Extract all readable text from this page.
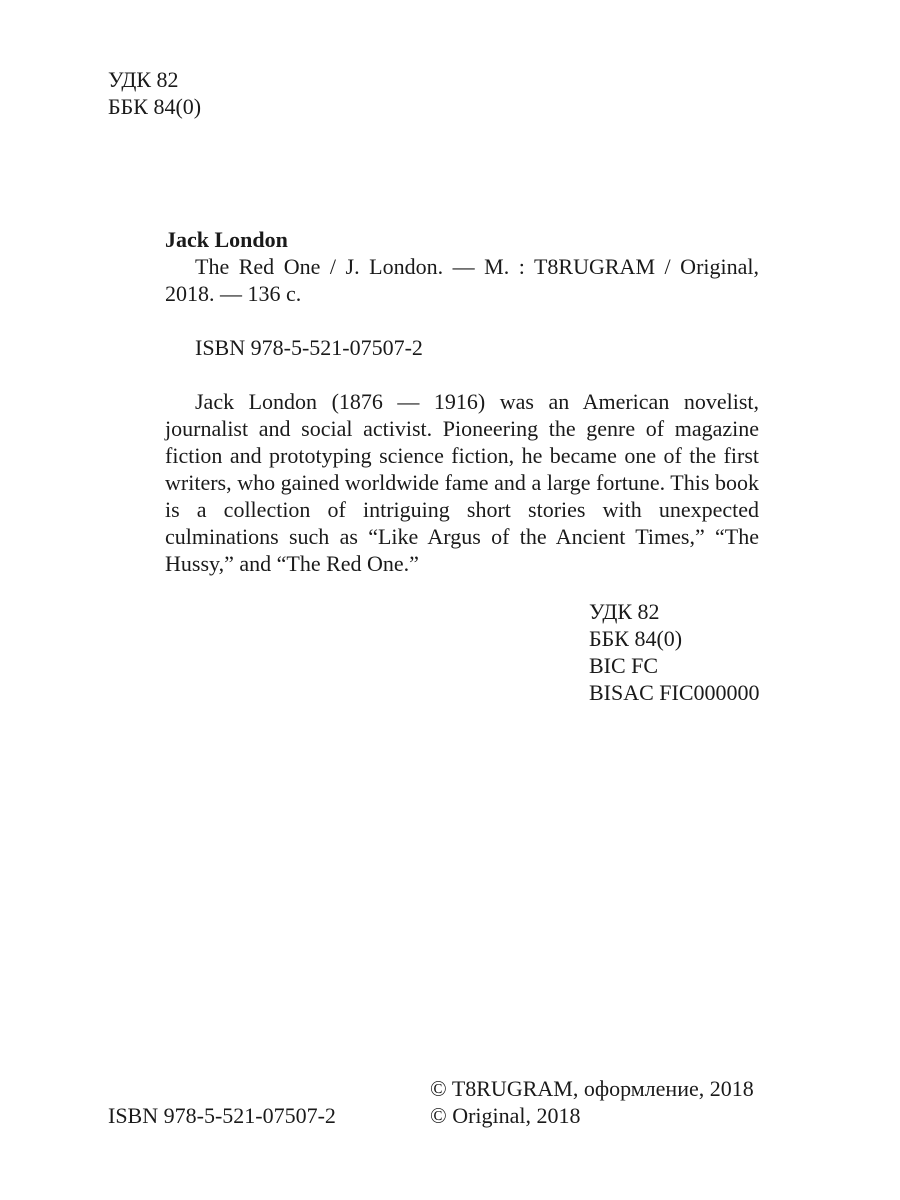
УДК 82
ББК 84(0)

Jack London

The Red One / J. London. — M. : T8RUGRAM / Original, 2018. — 136 c.

ISBN 978-5-521-07507-2

Jack London (1876 — 1916) was an American novelist, journalist and social activist. Pioneering the genre of magazine fiction and prototyping science fiction, he became one of the first writers, who gained worldwide fame and a large fortune. This book is a collection of intriguing short stories with unexpected culminations such as “Like Argus of the Ancient Times,” “The Hussy,” and “The Red One.”

УДК 82
ББК 84(0)
BIC FC
BISAC FIC000000
ISBN 978-5-521-07507-2
© T8RUGRAM, оформление, 2018
© Original, 2018
